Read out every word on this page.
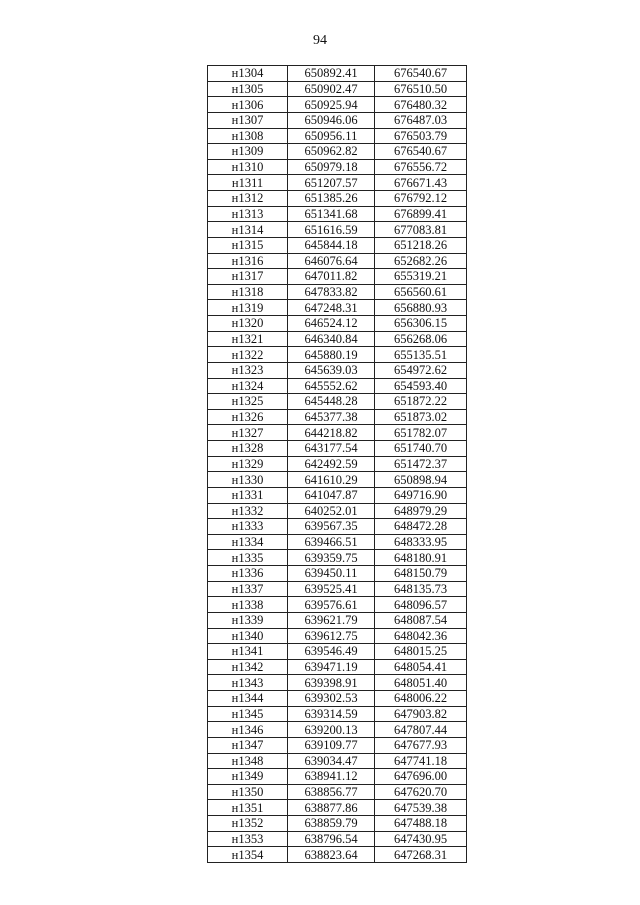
94
н1304	650892.41	676540.67
н1305	650902.47	676510.50
н1306	650925.94	676480.32
н1307	650946.06	676487.03
н1308	650956.11	676503.79
н1309	650962.82	676540.67
н1310	650979.18	676556.72
н1311	651207.57	676671.43
н1312	651385.26	676792.12
н1313	651341.68	676899.41
н1314	651616.59	677083.81
н1315	645844.18	651218.26
н1316	646076.64	652682.26
н1317	647011.82	655319.21
н1318	647833.82	656560.61
н1319	647248.31	656880.93
н1320	646524.12	656306.15
н1321	646340.84	656268.06
н1322	645880.19	655135.51
н1323	645639.03	654972.62
н1324	645552.62	654593.40
н1325	645448.28	651872.22
н1326	645377.38	651873.02
н1327	644218.82	651782.07
н1328	643177.54	651740.70
н1329	642492.59	651472.37
н1330	641610.29	650898.94
н1331	641047.87	649716.90
н1332	640252.01	648979.29
н1333	639567.35	648472.28
н1334	639466.51	648333.95
н1335	639359.75	648180.91
н1336	639450.11	648150.79
н1337	639525.41	648135.73
н1338	639576.61	648096.57
н1339	639621.79	648087.54
н1340	639612.75	648042.36
н1341	639546.49	648015.25
н1342	639471.19	648054.41
н1343	639398.91	648051.40
н1344	639302.53	648006.22
н1345	639314.59	647903.82
н1346	639200.13	647807.44
н1347	639109.77	647677.93
н1348	639034.47	647741.18
н1349	638941.12	647696.00
н1350	638856.77	647620.70
н1351	638877.86	647539.38
н1352	638859.79	647488.18
н1353	638796.54	647430.95
н1354	638823.64	647268.31
